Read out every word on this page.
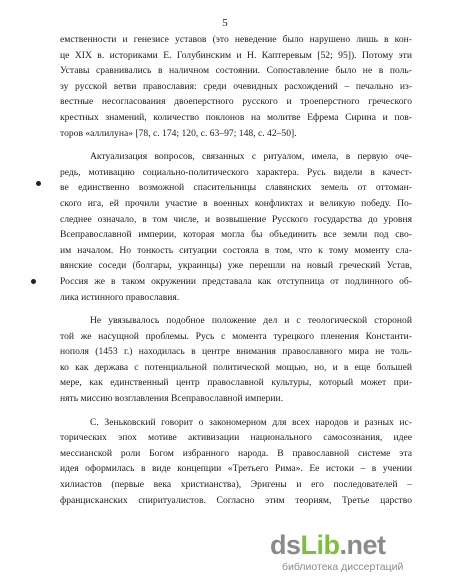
5
емственности и генезисе уставов (это неведение было нарушено лишь в кон-
це XIX в. историками Е. Голубинским и Н. Каптеревым [52; 95]). Потому эти
Уставы сравнивались в наличном состоянии. Сопоставление было не в поль-
зу русской ветви православия: среди очевидных расхождений – печально из-
вестные несогласования двоеперстного русского и троеперстного греческого
крестных знамений, количество поклонов на молитве Ефрема Сирина и пов-
торов «аллилуна» [78, с. 174; 120, с. 63–97; 148, с. 42–50].
Актуализация вопросов, связанных с ритуалом, имела, в первую оче-
редь, мотивацию социально-политического характера. Русь видели в качест-
ве единственно возможной спасительницы славянских земель от оттоман-
ского ига, ей прочили участие в военных конфликтах и великую победу. По-
следнее означало, в том числе, и возвышение Русского государства до уровня
Всеправославной империи, которая могла бы объединить все земли под сво-
им началом. Но тонкость ситуации состояла в том, что к тому моменту сла-
вянские соседи (болгары, украинцы) уже перешли на новый греческий Устав,
Россия же в таком окружении представала как отступница от подлинного об-
лика истинного православия.
Не увязывалось подобное положение дел и с теологической стороной
той же насущной проблемы. Русь с момента турецкого пленения Константи-
нополя (1453 г.) находилась в центре внимания православного мира не толь-
ко как держава с потенциальной политической мощью, но, и в еще большей
мере, как единственный центр православной культуры, который может при-
нять миссию возглавления Всеправославной империи.
С. Зеньковский говорит о закономерном для всех народов и разных ис-
торических эпох мотиве активизации национального самосознания, идее
мессианской роли Богом избранного народа. В православной системе эта
идея оформилась в виде концепции «Третьего Рима». Ее истоки – в учении
хилиастов (первые века христианства), Эригены и его последователей –
францисканских спиритуалистов. Согласно этим теориям, Третье царство
dsLib.net
библиотека диссертаций
